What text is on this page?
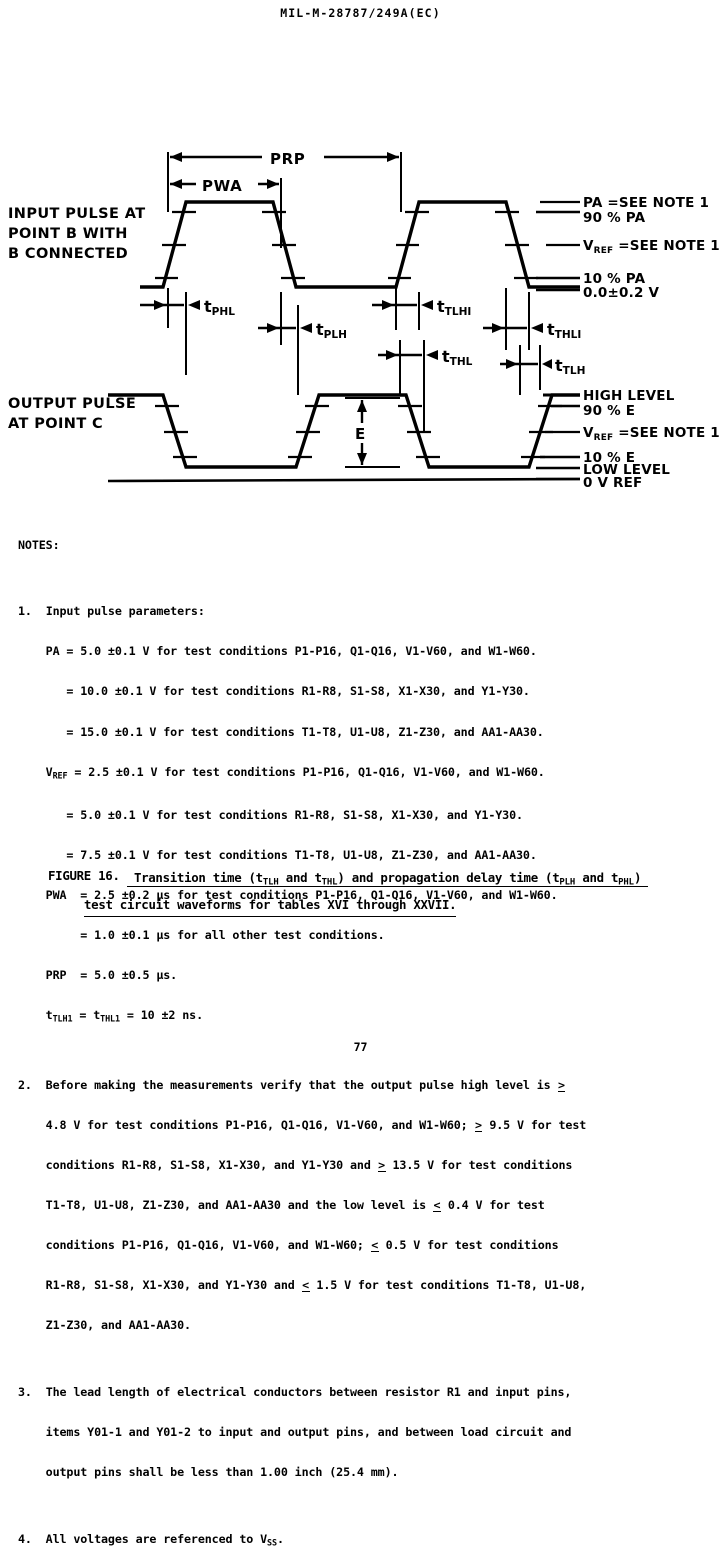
MIL-M-28787/249A(EC)
PRP
PWA
PA =SEE NOTE 1
90 % PA
VREF =SEE NOTE 1
10 % PA
0.0±0.2 V
INPUT PULSE AT
POINT B WITH
B CONNECTED
tPHL
tPLH
tTLHI
tTHLI
tTHL	tTLH
E
HIGH LEVEL
90 % E
VREF =SEE NOTE 1
10 % E
LOW LEVEL
0 V REF
OUTPUT PULSE
AT POINT C

NOTES:

1. Input pulse parameters:

PA = 5.0 ±0.1 V for test conditions P1-P16, Q1-Q16, V1-V60, and W1-W60.

= 10.0 ±0.1 V for test conditions R1-R8, S1-S8, X1-X30, and Y1-Y30.

= 15.0 ±0.1 V for test conditions T1-T8, U1-U8, Z1-Z30, and AA1-AA30.

$V_{REF} = 2.5 \pm 0.1$ V for test conditions P1-P16, Q1-Q16, V1-V60, and W1-W60.

= 5.0 ±0.1 V for test conditions R1-R8, S1-S8, X1-X30, and Y1-Y30.

= 7.5 ±0.1 V for test conditions T1-T8, U1-U8, Z1-Z30, and AA1-AA30.

PWA  = 2.5 ±0.2 µs for test conditions P1-P16, Q1-Q16, V1-V60, and W1-W60.

= 1.0 ±0.1 µs for all other test conditions.

PRP  = 5.0 ±0.5 µs.

$t_{TLH1} = t_{THL1} = 10 \pm 2$ ns.

2.  Before making the measurements verify that the output pulse high level is >

4.8 V for test conditions P1-P16, Q1-Q16, V1-V60, and W1-W60; > 9.5 V for test

conditions R1-R8, S1-S8, X1-X30, and Y1-Y30 and > 13.5 V for test conditions

T1-T8, U1-U8, Z1-Z30, and AA1-AA30 and the low level is < 0.4 V for test

conditions P1-P16, Q1-Q16, V1-V60, and W1-W60; < 0.5 V for test conditions

R1-R8, S1-S8, X1-X30, and Y1-Y30 and < 1.5 V for test conditions T1-T8, U1-U8,

Z1-Z30, and AA1-AA30.

3. The lead length of electrical conductors between resistor R1 and input pins,

items Y01-1 and Y01-2 to input and output pins, and between load circuit and

output pins shall be less than 1.00 inch (25.4 mm).

4.  All voltages are referenced to $V_{SS}$.

FIGURE 16. Transition time ($t_{TLH}$ and $t_{THL}$) and propagation delay time ($t_{PLH}$ and $t_{PHL}$)
test circuit waveforms for tables XVI through XXVII.
77
